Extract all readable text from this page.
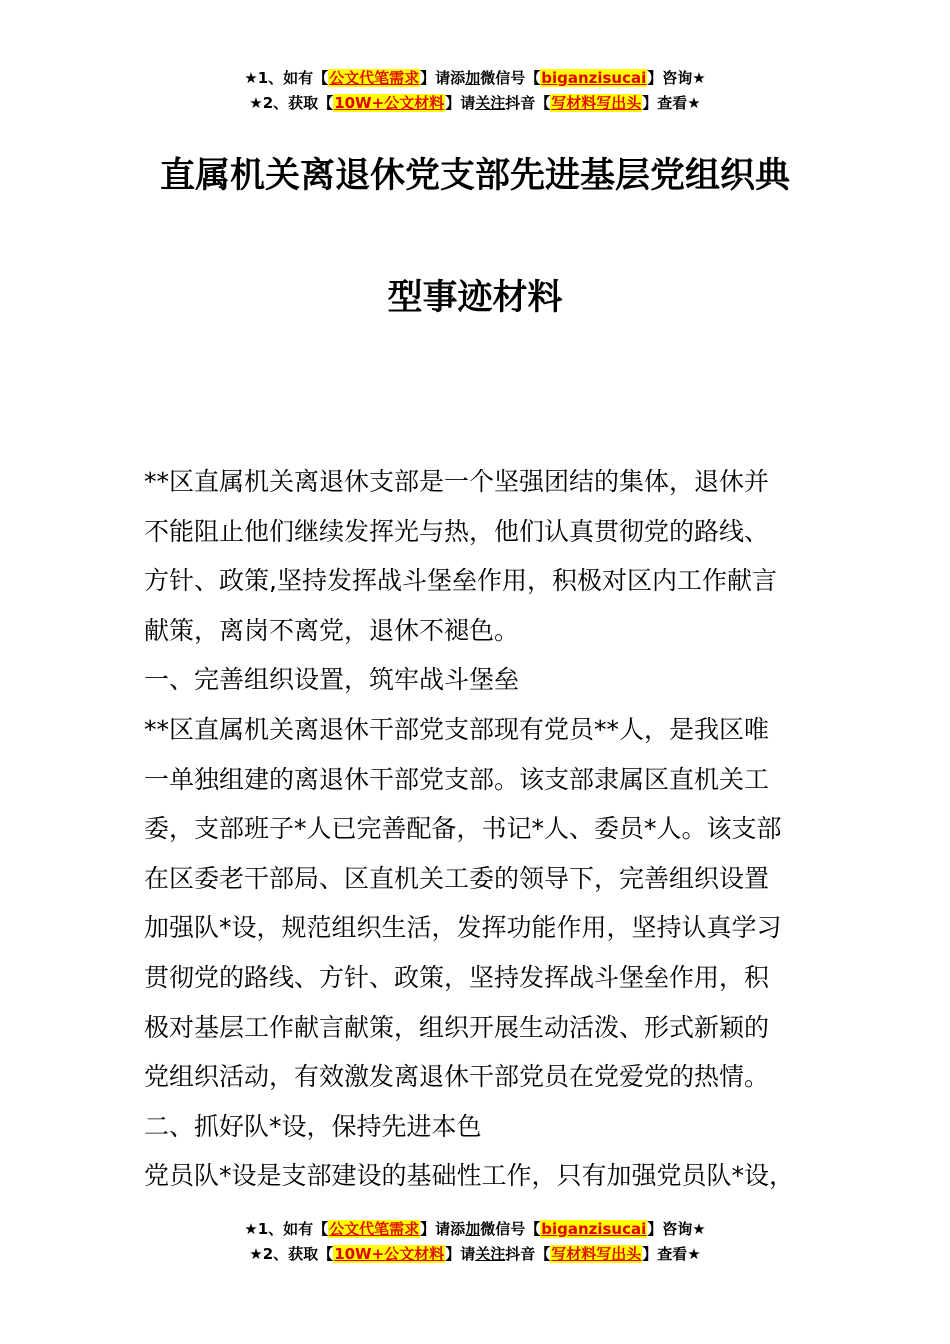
★1、如有【公文代笔需求】请添加微信号【biganzisucai】咨询★
★2、获取【10W+公文材料】请关注抖音【写材料写出头】查看★
直属机关离退休党支部先进基层党组织典
型事迹材料
**区直属机关离退休支部是一个坚强团结的集体，退休并
不能阻止他们继续发挥光与热，他们认真贯彻党的路线、
方针、政策,坚持发挥战斗堡垒作用，积极对区内工作献言
献策，离岗不离党，退休不褪色。
一、完善组织设置，筑牢战斗堡垒
**区直属机关离退休干部党支部现有党员**人，是我区唯
一单独组建的离退休干部党支部。该支部隶属区直机关工
委，支部班子*人已完善配备，书记*人、委员*人。该支部
在区委老干部局、区直机关工委的领导下，完善组织设置
加强队*设，规范组织生活，发挥功能作用，坚持认真学习
贯彻党的路线、方针、政策，坚持发挥战斗堡垒作用，积
极对基层工作献言献策，组织开展生动活泼、形式新颖的
党组织活动，有效激发离退休干部党员在党爱党的热情。
二、抓好队*设，保持先进本色
党员队*设是支部建设的基础性工作，只有加强党员队*设，
★1、如有【公文代笔需求】请添加微信号【biganzisucai】咨询★
★2、获取【10W+公文材料】请关注抖音【写材料写出头】查看★
